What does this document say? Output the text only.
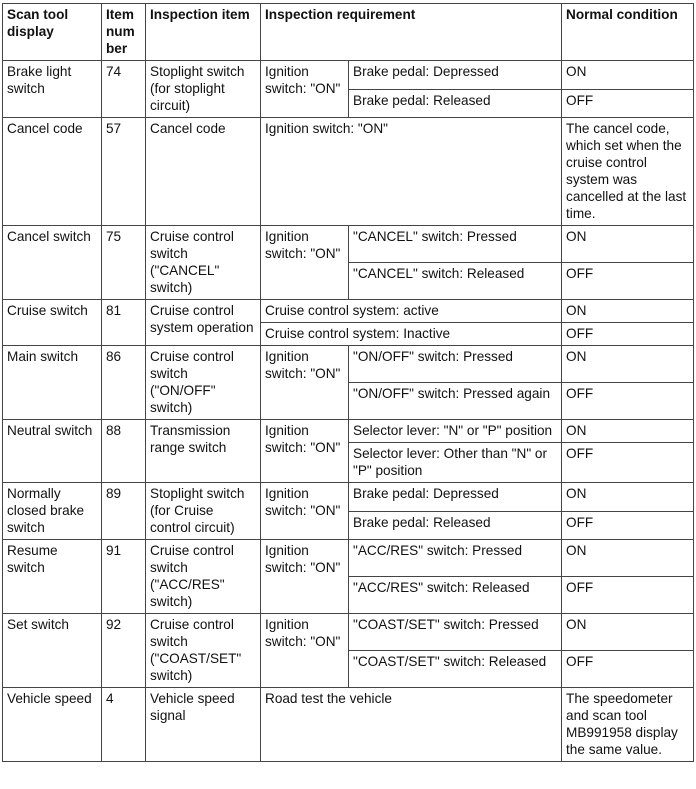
Scan tool display	Item num ber	Inspection item	Inspection requirement		Normal condition
Brake light switch	74	Stoplight switch (for stoplight circuit)	Ignition switch: "ON"	Brake pedal: Depressed	ON
				Brake pedal: Released	OFF
Cancel code	57	Cancel code	Ignition switch: "ON"		The cancel code, which set when the cruise control system was cancelled at the last time.
Cancel switch	75	Cruise control switch ("CANCEL" switch)	Ignition switch: "ON"	"CANCEL" switch: Pressed	ON
				"CANCEL" switch: Released	OFF
Cruise switch	81	Cruise control system operation	Cruise control system: active		ON
			Cruise control system: Inactive		OFF
Main switch	86	Cruise control switch ("ON/OFF" switch)	Ignition switch: "ON"	"ON/OFF" switch: Pressed	ON
				"ON/OFF" switch: Pressed again	OFF
Neutral switch	88	Transmission range switch	Ignition switch: "ON"	Selector lever: "N" or "P" position	ON
				Selector lever: Other than "N" or "P" position	OFF
Normally closed brake switch	89	Stoplight switch (for Cruise control circuit)	Ignition switch: "ON"	Brake pedal: Depressed	ON
				Brake pedal: Released	OFF
Resume switch	91	Cruise control switch ("ACC/RES" switch)	Ignition switch: "ON"	"ACC/RES" switch: Pressed	ON
				"ACC/RES" switch: Released	OFF
Set switch	92	Cruise control switch ("COAST/SET" switch)	Ignition switch: "ON"	"COAST/SET" switch: Pressed	ON
				"COAST/SET" switch: Released	OFF
Vehicle speed	4	Vehicle speed signal	Road test the vehicle		The speedometer and scan tool MB991958 display the same value.
